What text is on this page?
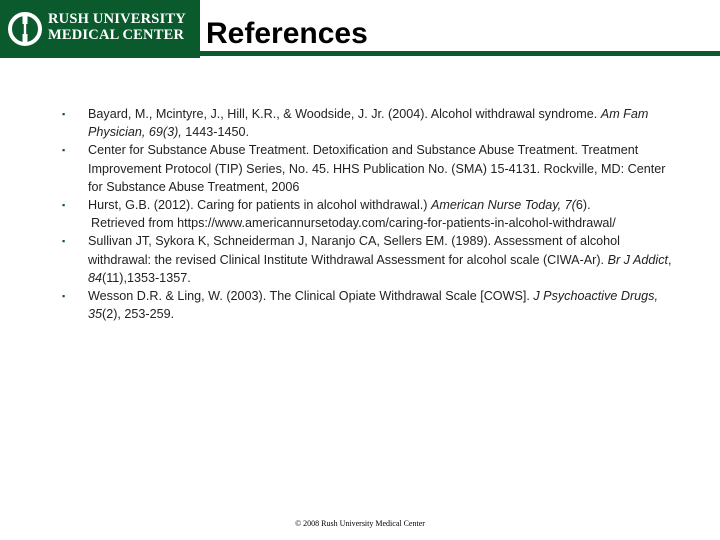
RUSH UNIVERSITY
MEDICAL CENTER References
▪ Bayard, M., Mcintyre, J., Hill, K.R., & Woodside, J. Jr. (2004). Alcohol withdrawal syndrome. Am Fam Physician, 69(3), 1443-1450.
▪ Center for Substance Abuse Treatment. Detoxification and Substance Abuse Treatment. Treatment Improvement Protocol (TIP) Series, No. 45. HHS Publication No. (SMA) 15-4131. Rockville, MD: Center for Substance Abuse Treatment, 2006
▪ Hurst, G.B. (2012). Caring for patients in alcohol withdrawal.) American Nurse Today, 7(6).
Retrieved from https://www.americannursetoday.com/caring-for-patients-in-alcohol-withdrawal/
▪ Sullivan JT, Sykora K, Schneiderman J, Naranjo CA, Sellers EM. (1989). Assessment of alcohol withdrawal: the revised Clinical Institute Withdrawal Assessment for alcohol scale (CIWA-Ar). Br J Addict, 84(11),1353-1357.
▪ Wesson D.R. & Ling, W. (2003). The Clinical Opiate Withdrawal Scale [COWS]. J Psychoactive Drugs, 35(2), 253-259.
© 2008 Rush University Medical Center
